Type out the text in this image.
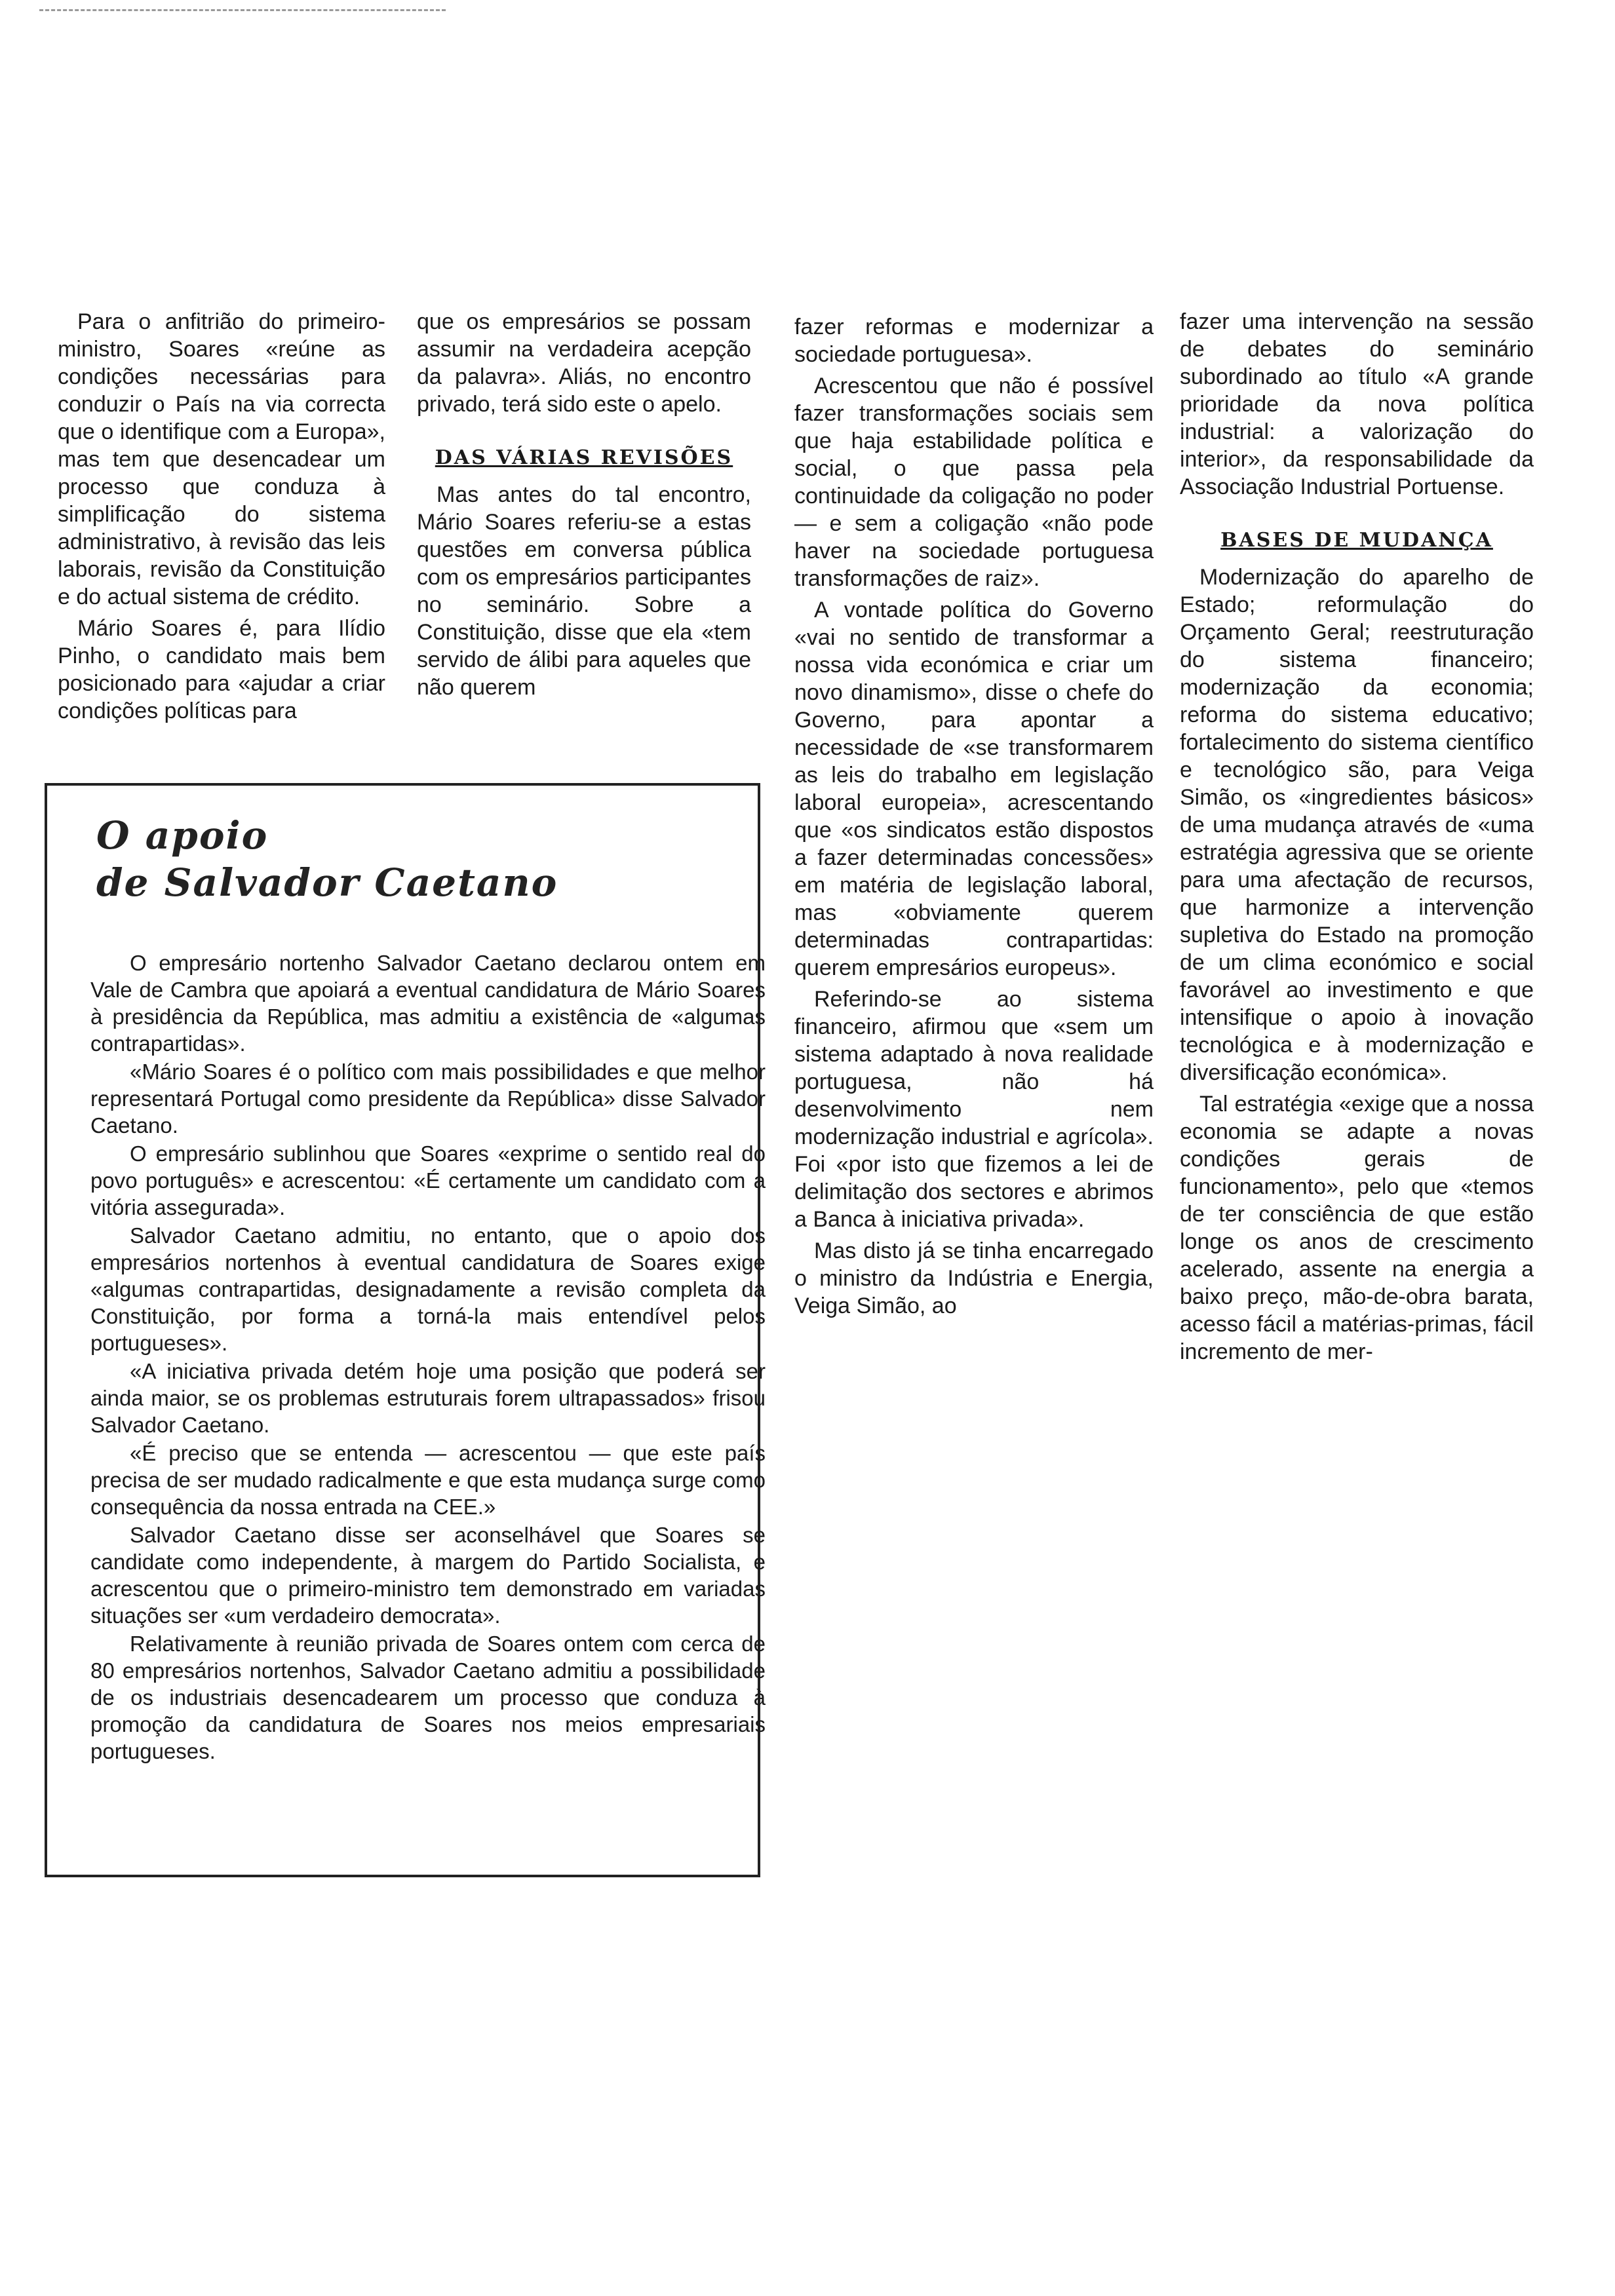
Para o anfitrião do primeiro-ministro, Soares «reúne as condições necessárias para conduzir o País na via correcta que o identifique com a Europa», mas tem que desencadear um processo que conduza à simplificação do sistema administrativo, à revisão das leis laborais, revisão da Constituição e do actual sistema de crédito.

Mário Soares é, para Ilídio Pinho, o candidato mais bem posicionado para «ajudar a criar condições políticas para

que os empresários se possam assumir na verdadeira acepção da palavra». Aliás, no encontro privado, terá sido este o apelo.

DAS VÁRIAS REVISÕES

Mas antes do tal encontro, Mário Soares referiu-se a estas questões em conversa pública com os empresários participantes no seminário. Sobre a Constituição, disse que ela «tem servido de álibi para aqueles que não querem

fazer reformas e modernizar a sociedade portuguesa».

Acrescentou que não é possível fazer transformações sociais sem que haja estabilidade política e social, o que passa pela continuidade da coligação no poder — e sem a coligação «não pode haver na sociedade portuguesa transformações de raiz».

A vontade política do Governo «vai no sentido de transformar a nossa vida económica e criar um novo dinamismo», disse o chefe do Governo, para apontar a necessidade de «se transformarem as leis do trabalho em legislação laboral europeia», acrescentando que «os sindicatos estão dispostos a fazer determinadas concessões» em matéria de legislação laboral, mas «obviamente querem determinadas contrapartidas: querem empresários europeus».

Referindo-se ao sistema financeiro, afirmou que «sem um sistema adaptado à nova realidade portuguesa, não há desenvolvimento nem modernização industrial e agrícola». Foi «por isto que fizemos a lei de delimitação dos sectores e abrimos a Banca à iniciativa privada».

Mas disto já se tinha encarregado o ministro da Indústria e Energia, Veiga Simão, ao

fazer uma intervenção na sessão de debates do seminário subordinado ao título «A grande prioridade da nova política industrial: a valorização do interior», da responsabilidade da Associação Industrial Portuense.

BASES DE MUDANÇA

Modernização do aparelho de Estado; reformulação do Orçamento Geral; reestruturação do sistema financeiro; modernização da economia; reforma do sistema educativo; fortalecimento do sistema científico e tecnológico são, para Veiga Simão, os «ingredientes básicos» de uma mudança através de «uma estratégia agressiva que se oriente para uma afectação de recursos, que harmonize a intervenção supletiva do Estado na promoção de um clima económico e social favorável ao investimento e que intensifique o apoio à inovação tecnológica e à modernização e diversificação económica».

Tal estratégia «exige que a nossa economia se adapte a novas condições gerais de funcionamento», pelo que «temos de ter consciência de que estão longe os anos de crescimento acelerado, assente na energia a baixo preço, mão-de-obra barata, acesso fácil a matérias-primas, fácil incremento de mer-

O apoio
de Salvador Caetano

O empresário nortenho Salvador Caetano declarou ontem em Vale de Cambra que apoiará a eventual candidatura de Mário Soares à presidência da República, mas admitiu a existência de «algumas contrapartidas».

«Mário Soares é o político com mais possibilidades e que melhor representará Portugal como presidente da República» disse Salvador Caetano.

O empresário sublinhou que Soares «exprime o sentido real do povo português» e acrescentou: «É certamente um candidato com a vitória assegurada».

Salvador Caetano admitiu, no entanto, que o apoio dos empresários nortenhos à eventual candidatura de Soares exige «algumas contrapartidas, designadamente a revisão completa da Constituição, por forma a torná-la mais entendível pelos portugueses».

«A iniciativa privada detém hoje uma posição que poderá ser ainda maior, se os problemas estruturais forem ultrapassados» frisou Salvador Caetano.

«É preciso que se entenda — acrescentou — que este país precisa de ser mudado radicalmente e que esta mudança surge como consequência da nossa entrada na CEE.»

Salvador Caetano disse ser aconselhável que Soares se candidate como independente, à margem do Partido Socialista, e acrescentou que o primeiro-ministro tem demonstrado em variadas situações ser «um verdadeiro democrata».

Relativamente à reunião privada de Soares ontem com cerca de 80 empresários nortenhos, Salvador Caetano admitiu a possibilidade de os industriais desencadearem um processo que conduza à promoção da candidatura de Soares nos meios empresariais portugueses.
